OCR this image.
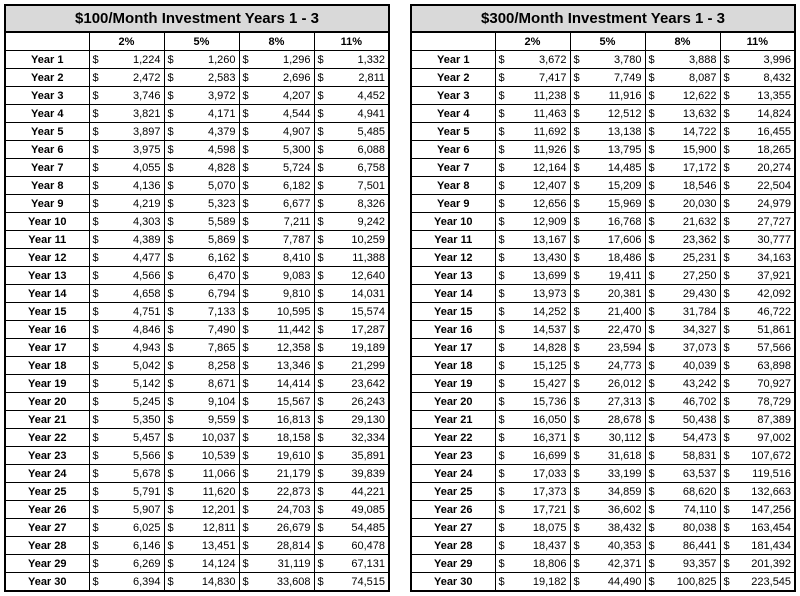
$100/Month Investment Years 1 - 3								
	2%		5%		8%		11%	
Year 1	$	1,224	$	1,260	$	1,296	$	1,332
Year 2	$	2,472	$	2,583	$	2,696	$	2,811
Year 3	$	3,746	$	3,972	$	4,207	$	4,452
Year 4	$	3,821	$	4,171	$	4,544	$	4,941
Year 5	$	3,897	$	4,379	$	4,907	$	5,485
Year 6	$	3,975	$	4,598	$	5,300	$	6,088
Year 7	$	4,055	$	4,828	$	5,724	$	6,758
Year 8	$	4,136	$	5,070	$	6,182	$	7,501
Year 9	$	4,219	$	5,323	$	6,677	$	8,326
Year 10	$	4,303	$	5,589	$	7,211	$	9,242
Year 11	$	4,389	$	5,869	$	7,787	$	10,259
Year 12	$	4,477	$	6,162	$	8,410	$	11,388
Year 13	$	4,566	$	6,470	$	9,083	$	12,640
Year 14	$	4,658	$	6,794	$	9,810	$	14,031
Year 15	$	4,751	$	7,133	$	10,595	$	15,574
Year 16	$	4,846	$	7,490	$	11,442	$	17,287
Year 17	$	4,943	$	7,865	$	12,358	$	19,189
Year 18	$	5,042	$	8,258	$	13,346	$	21,299
Year 19	$	5,142	$	8,671	$	14,414	$	23,642
Year 20	$	5,245	$	9,104	$	15,567	$	26,243
Year 21	$	5,350	$	9,559	$	16,813	$	29,130
Year 22	$	5,457	$	10,037	$	18,158	$	32,334
Year 23	$	5,566	$	10,539	$	19,610	$	35,891
Year 24	$	5,678	$	11,066	$	21,179	$	39,839
Year 25	$	5,791	$	11,620	$	22,873	$	44,221
Year 26	$	5,907	$	12,201	$	24,703	$	49,085
Year 27	$	6,025	$	12,811	$	26,679	$	54,485
Year 28	$	6,146	$	13,451	$	28,814	$	60,478
Year 29	$	6,269	$	14,124	$	31,119	$	67,131
Year 30	$	6,394	$	14,830	$	33,608	$	74,515
$300/Month Investment Years 1 - 3								
	2%		5%		8%		11%	
Year 1	$	3,672	$	3,780	$	3,888	$	3,996
Year 2	$	7,417	$	7,749	$	8,087	$	8,432
Year 3	$	11,238	$	11,916	$	12,622	$	13,355
Year 4	$	11,463	$	12,512	$	13,632	$	14,824
Year 5	$	11,692	$	13,138	$	14,722	$	16,455
Year 6	$	11,926	$	13,795	$	15,900	$	18,265
Year 7	$	12,164	$	14,485	$	17,172	$	20,274
Year 8	$	12,407	$	15,209	$	18,546	$	22,504
Year 9	$	12,656	$	15,969	$	20,030	$	24,979
Year 10	$	12,909	$	16,768	$	21,632	$	27,727
Year 11	$	13,167	$	17,606	$	23,362	$	30,777
Year 12	$	13,430	$	18,486	$	25,231	$	34,163
Year 13	$	13,699	$	19,411	$	27,250	$	37,921
Year 14	$	13,973	$	20,381	$	29,430	$	42,092
Year 15	$	14,252	$	21,400	$	31,784	$	46,722
Year 16	$	14,537	$	22,470	$	34,327	$	51,861
Year 17	$	14,828	$	23,594	$	37,073	$	57,566
Year 18	$	15,125	$	24,773	$	40,039	$	63,898
Year 19	$	15,427	$	26,012	$	43,242	$	70,927
Year 20	$	15,736	$	27,313	$	46,702	$	78,729
Year 21	$	16,050	$	28,678	$	50,438	$	87,389
Year 22	$	16,371	$	30,112	$	54,473	$	97,002
Year 23	$	16,699	$	31,618	$	58,831	$	107,672
Year 24	$	17,033	$	33,199	$	63,537	$	119,516
Year 25	$	17,373	$	34,859	$	68,620	$	132,663
Year 26	$	17,721	$	36,602	$	74,110	$	147,256
Year 27	$	18,075	$	38,432	$	80,038	$	163,454
Year 28	$	18,437	$	40,353	$	86,441	$	181,434
Year 29	$	18,806	$	42,371	$	93,357	$	201,392
Year 30	$	19,182	$	44,490	$	100,825	$	223,545
